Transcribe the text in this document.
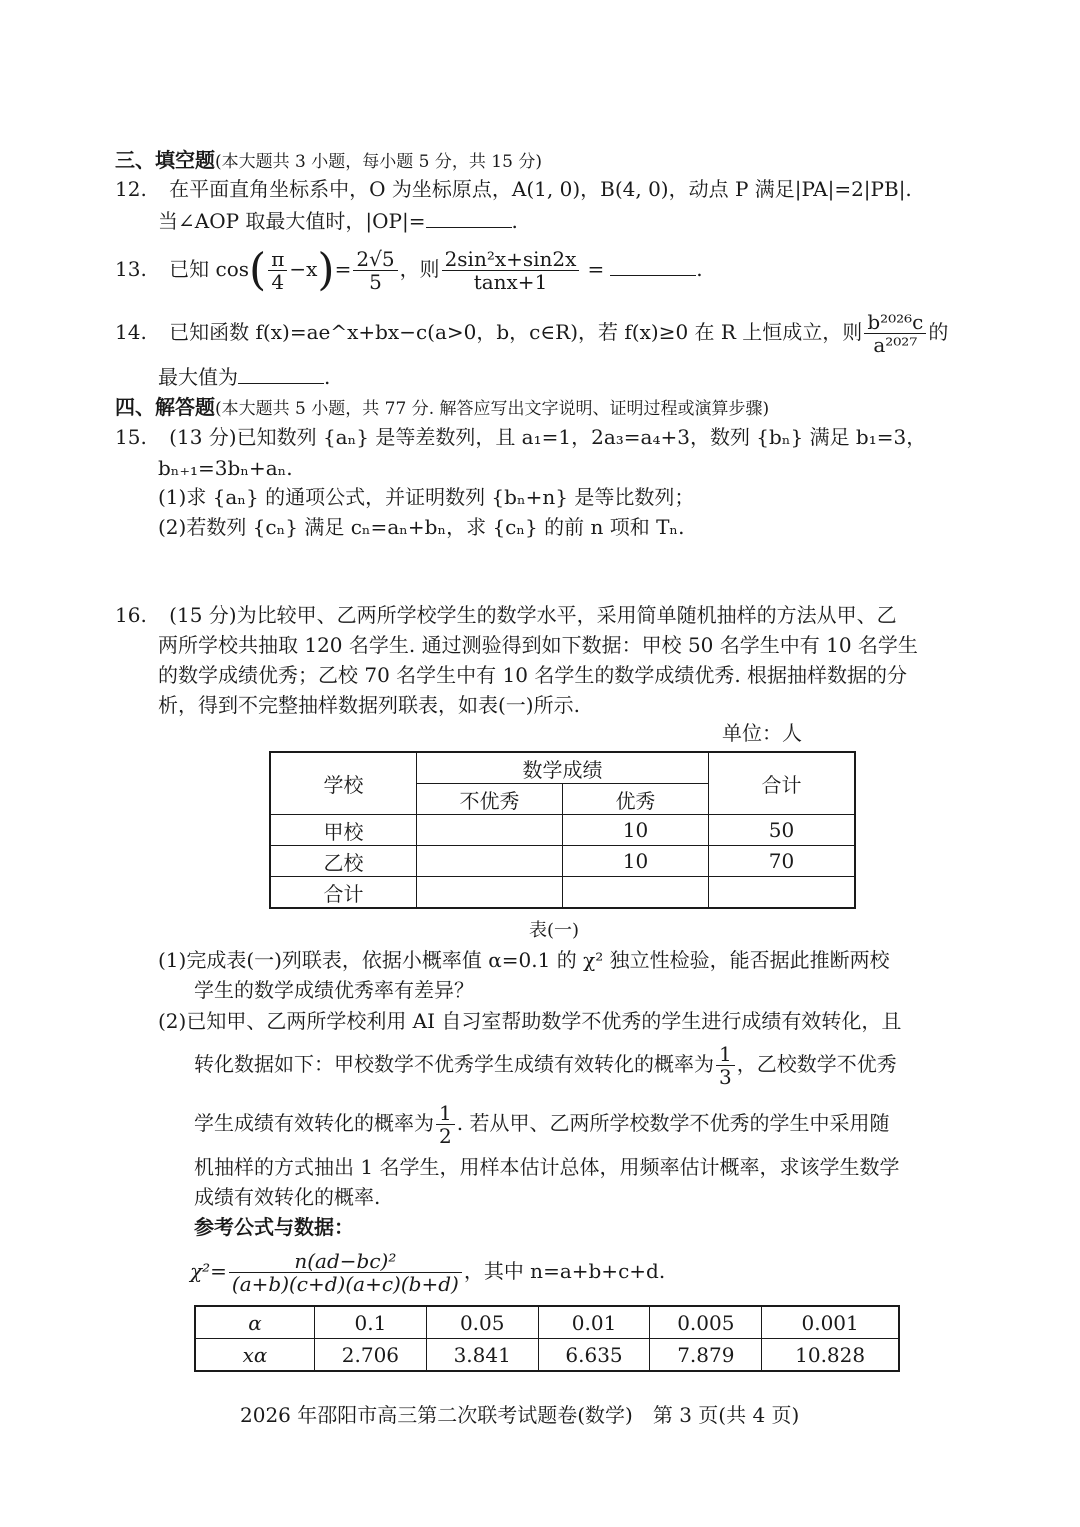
三、填空题(本大题共 3 小题，每小题 5 分，共 15 分)
12. 在平面直角坐标系中，O 为坐标原点，A(1, 0)，B(4, 0)，动点 P 满足|PA|=2|PB|.
当∠AOP 取最大值时，|OP|=	.
13. 已知 $\cos( \frac{\pi}{4} -x)= \frac{2√5}{5}$ ，则 $\frac{\text{2sin²x+sin2x}}{\tan x+1}$ =	.
14. 已知函数 f(x)=ae^x+bx−c(a>0，b，c∈R)，若 f(x)≥0 在 R 上恒成立，则 $\frac{\text{b²⁰²⁶c}}{\text{a²⁰²⁷}}$ 的
最大值为	.
四、解答题(本大题共 5 小题，共 77 分. 解答应写出文字说明、证明过程或演算步骤)
15. (13 分)已知数列 {aₙ} 是等差数列，且 a₁=1，2a₃=a₄+3，数列 {bₙ} 满足 b₁=3，
bₙ₊₁=3bₙ+aₙ.
(1)求 {aₙ} 的通项公式，并证明数列 {bₙ+n} 是等比数列；
(2)若数列 {cₙ} 满足 cₙ=aₙ+bₙ，求 {cₙ} 的前 n 项和 Tₙ.
16. (15 分)为比较甲、乙两所学校学生的数学水平，采用简单随机抽样的方法从甲、乙
两所学校共抽取 120 名学生. 通过测验得到如下数据：甲校 50 名学生中有 10 名学生
的数学成绩优秀；乙校 70 名学生中有 10 名学生的数学成绩优秀. 根据抽样数据的分
析，得到不完整抽样数据列联表，如表(一)所示.
单位：人
学校	数学成绩		合计
	不优秀	优秀	
甲校		10	50
乙校		10	70
合计			
表(一)
(1)完成表(一)列联表，依据小概率值 α=0.1 的 χ² 独立性检验，能否据此推断两校
学生的数学成绩优秀率有差异？
(2)已知甲、乙两所学校利用 AI 自习室帮助数学不优秀的学生进行成绩有效转化，且
转化数据如下：甲校数学不优秀学生成绩有效转化的概率为 $\frac{1}{3}$ ，乙校数学不优秀
学生成绩有效转化的概率为 $\frac{1}{2}$ . 若从甲、乙两所学校数学不优秀的学生中采用随
机抽样的方式抽出 1 名学生，用样本估计总体，用频率估计概率，求该学生数学
成绩有效转化的概率.
参考公式与数据：
$\chi^2= \frac{\text{n(ad−bc)²}}{(a+b)(c+d)(a+c)(b+d)}$ ，其中 n=a+b+c+d.
α	0.1	0.05	0.01	0.005	0.001
xα	2.706	3.841	6.635	7.879	10.828
2026 年邵阳市高三第二次联考试题卷(数学)　第 3 页(共 4 页)
